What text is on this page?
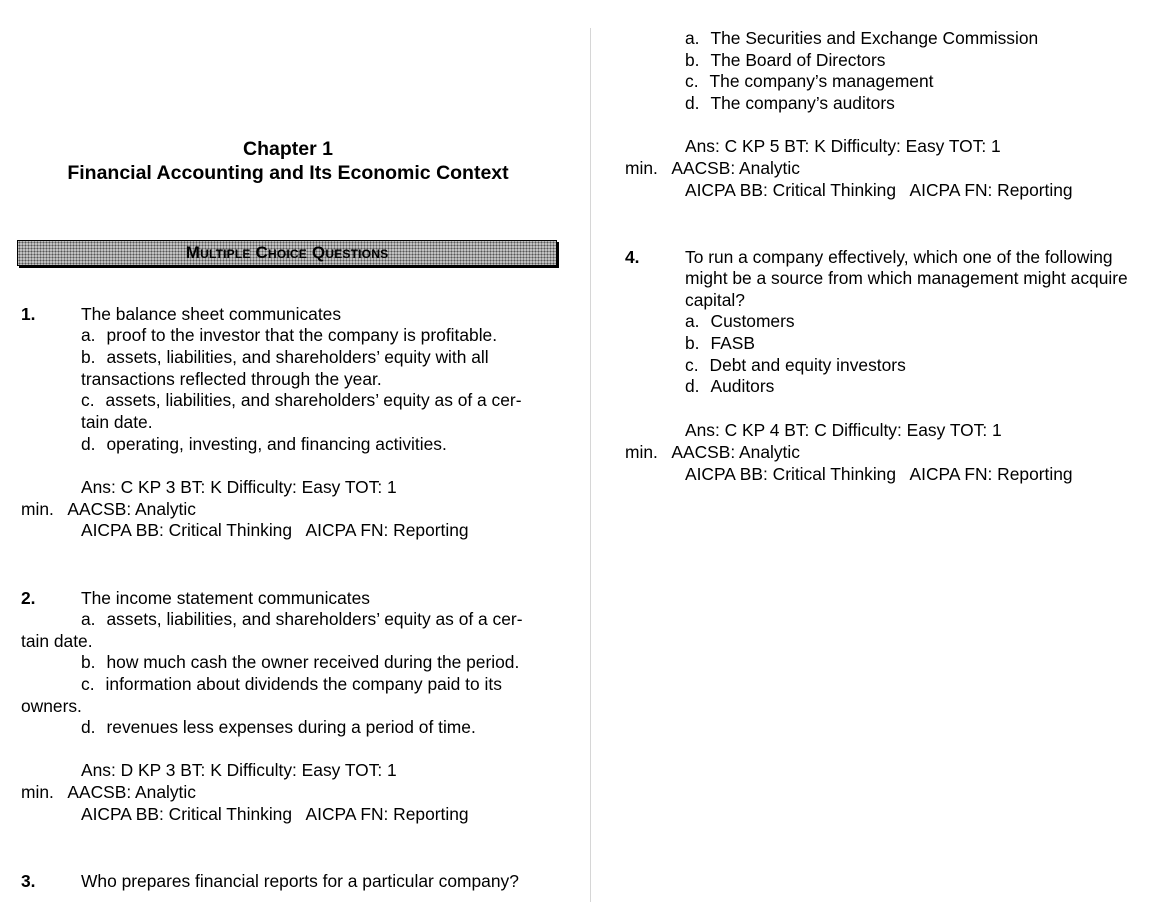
Chapter 1
Financial Accounting and Its Economic Context
Multiple Choice Questions
1.	The balance sheet communicates
a. proof to the investor that the company is profitable.
b. assets, liabilities, and shareholders’ equity with all
transactions reflected through the year.
c. assets, liabilities, and shareholders’ equity as of a cer-
tain date.
d. operating, investing, and financing activities.
Ans: C KP 3 BT: K Difficulty: Easy TOT: 1
min.   AACSB: Analytic
AICPA BB: Critical Thinking   AICPA FN: Reporting
2.	The income statement communicates
a. assets, liabilities, and shareholders’ equity as of a cer-
tain date.
b. how much cash the owner received during the period.
c. information about dividends the company paid to its
owners.
d. revenues less expenses during a period of time.
Ans: D KP 3 BT: K Difficulty: Easy TOT: 1
min.   AACSB: Analytic
AICPA BB: Critical Thinking   AICPA FN: Reporting
3.	Who prepares financial reports for a particular company?
a. The Securities and Exchange Commission
b. The Board of Directors
c. The company’s management
d. The company’s auditors
Ans: C KP 5 BT: K Difficulty: Easy TOT: 1
min.   AACSB: Analytic
AICPA BB: Critical Thinking   AICPA FN: Reporting
4.	To run a company effectively, which one of the following
might be a source from which management might acquire
capital?
a. Customers
b. FASB
c. Debt and equity investors
d. Auditors
Ans: C KP 4 BT: C Difficulty: Easy TOT: 1
min.   AACSB: Analytic
AICPA BB: Critical Thinking   AICPA FN: Reporting
